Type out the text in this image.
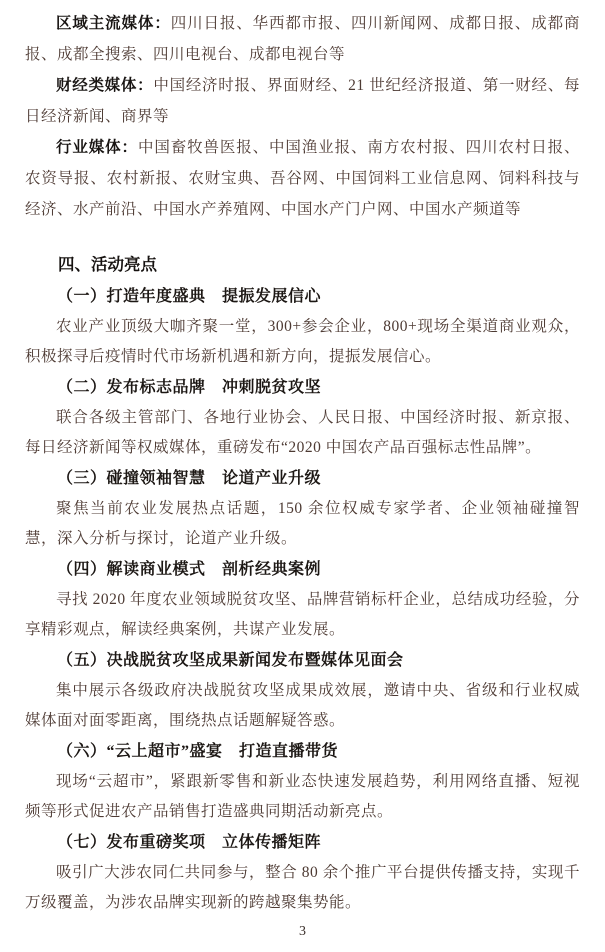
区域主流媒体：四川日报、华西都市报、四川新闻网、成都日报、成都商报、成都全搜索、四川电视台、成都电视台等

财经类媒体：中国经济时报、界面财经、21 世纪经济报道、第一财经、每日经济新闻、商界等

行业媒体：中国畜牧兽医报、中国渔业报、南方农村报、四川农村日报、农资导报、农村新报、农财宝典、吾谷网、中国饲料工业信息网、饲料科技与经济、水产前沿、中国水产养殖网、中国水产门户网、中国水产频道等

四、活动亮点
（一）打造年度盛典　提振发展信心

农业产业顶级大咖齐聚一堂，300+参会企业，800+现场全渠道商业观众，积极探寻后疫情时代市场新机遇和新方向，提振发展信心。

（二）发布标志品牌　冲刺脱贫攻坚

联合各级主管部门、各地行业协会、人民日报、中国经济时报、新京报、每日经济新闻等权威媒体，重磅发布“2020 中国农产品百强标志性品牌”。

（三）碰撞领袖智慧　论道产业升级

聚焦当前农业发展热点话题，150 余位权威专家学者、企业领袖碰撞智慧，深入分析与探讨，论道产业升级。

（四）解读商业模式　剖析经典案例

寻找 2020 年度农业领域脱贫攻坚、品牌营销标杆企业，总结成功经验，分享精彩观点，解读经典案例，共谋产业发展。

（五）决战脱贫攻坚成果新闻发布暨媒体见面会

集中展示各级政府决战脱贫攻坚成果成效展，邀请中央、省级和行业权威媒体面对面零距离，围绕热点话题解疑答惑。

（六）“云上超市”盛宴　打造直播带货

现场“云超市”，紧跟新零售和新业态快速发展趋势，利用网络直播、短视频等形式促进农产品销售打造盛典同期活动新亮点。

（七）发布重磅奖项　立体传播矩阵

吸引广大涉农同仁共同参与，整合 80 余个推广平台提供传播支持，实现千万级覆盖，为涉农品牌实现新的跨越聚集势能。

3
